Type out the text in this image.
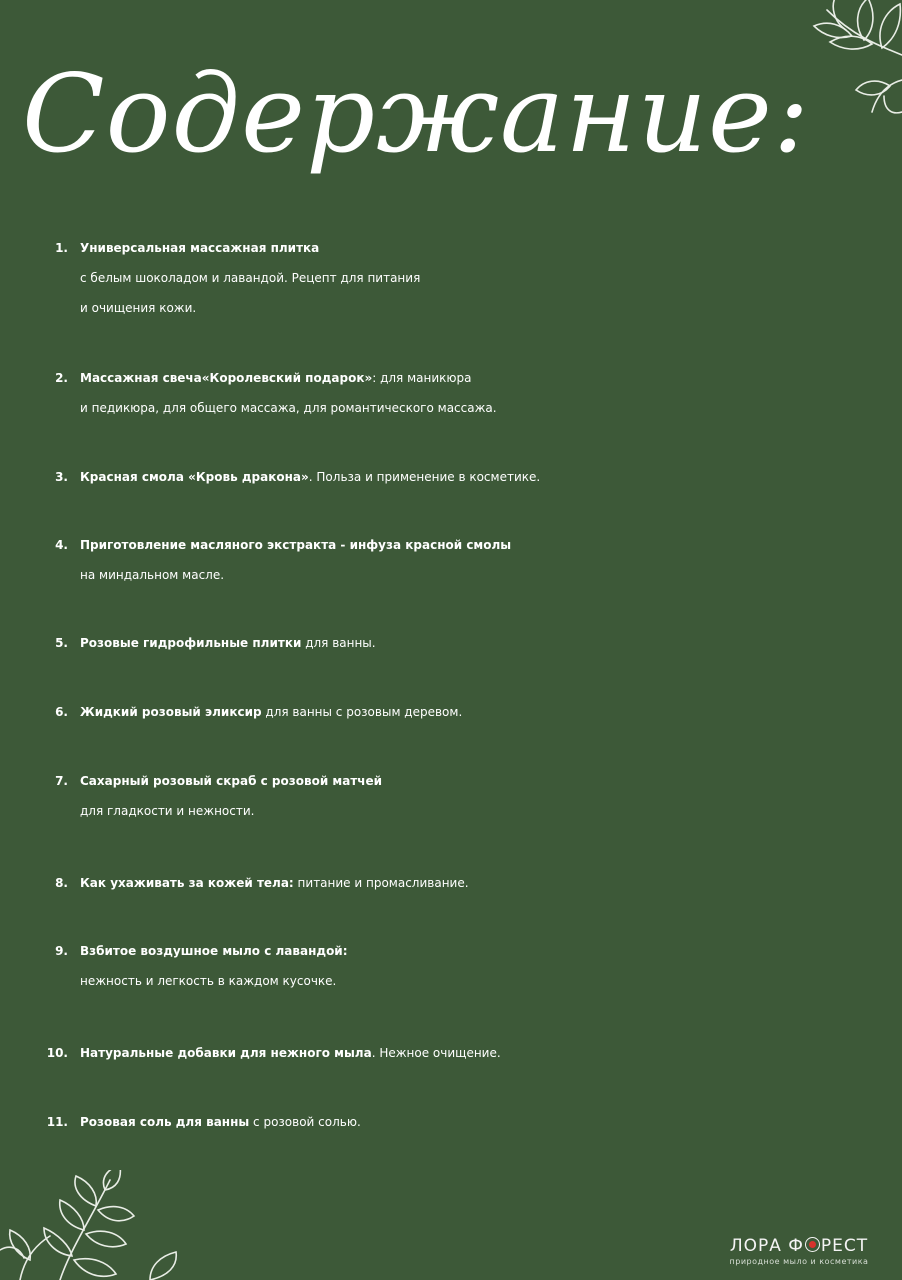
Содержание:
1. Универсальная массажная плитка
с белым шоколадом и лавандой. Рецепт для питания
и очищения кожи.
2. Массажная свеча«Королевский подарок»: для маникюра
и педикюра, для общего массажа, для романтического массажа.
3. Красная смола «Кровь дракона». Польза и применение в косметике.
4. Приготовление масляного экстракта - инфуза красной смолы
на миндальном масле.
5. Розовые гидрофильные плитки для ванны.
6. Жидкий розовый эликсир для ванны с розовым деревом.
7. Сахарный розовый скраб с розовой матчей
для гладкости и нежности.
8. Как ухаживать за кожей тела: питание и промасливание.
9. Взбитое воздушное мыло с лавандой:
нежность и легкость в каждом кусочке.
10. Натуральные добавки для нежного мыла. Нежное очищение.
11. Розовая соль для ванны с розовой солью.
ЛОРА Ф РЕСТ
природное мыло и косметика
